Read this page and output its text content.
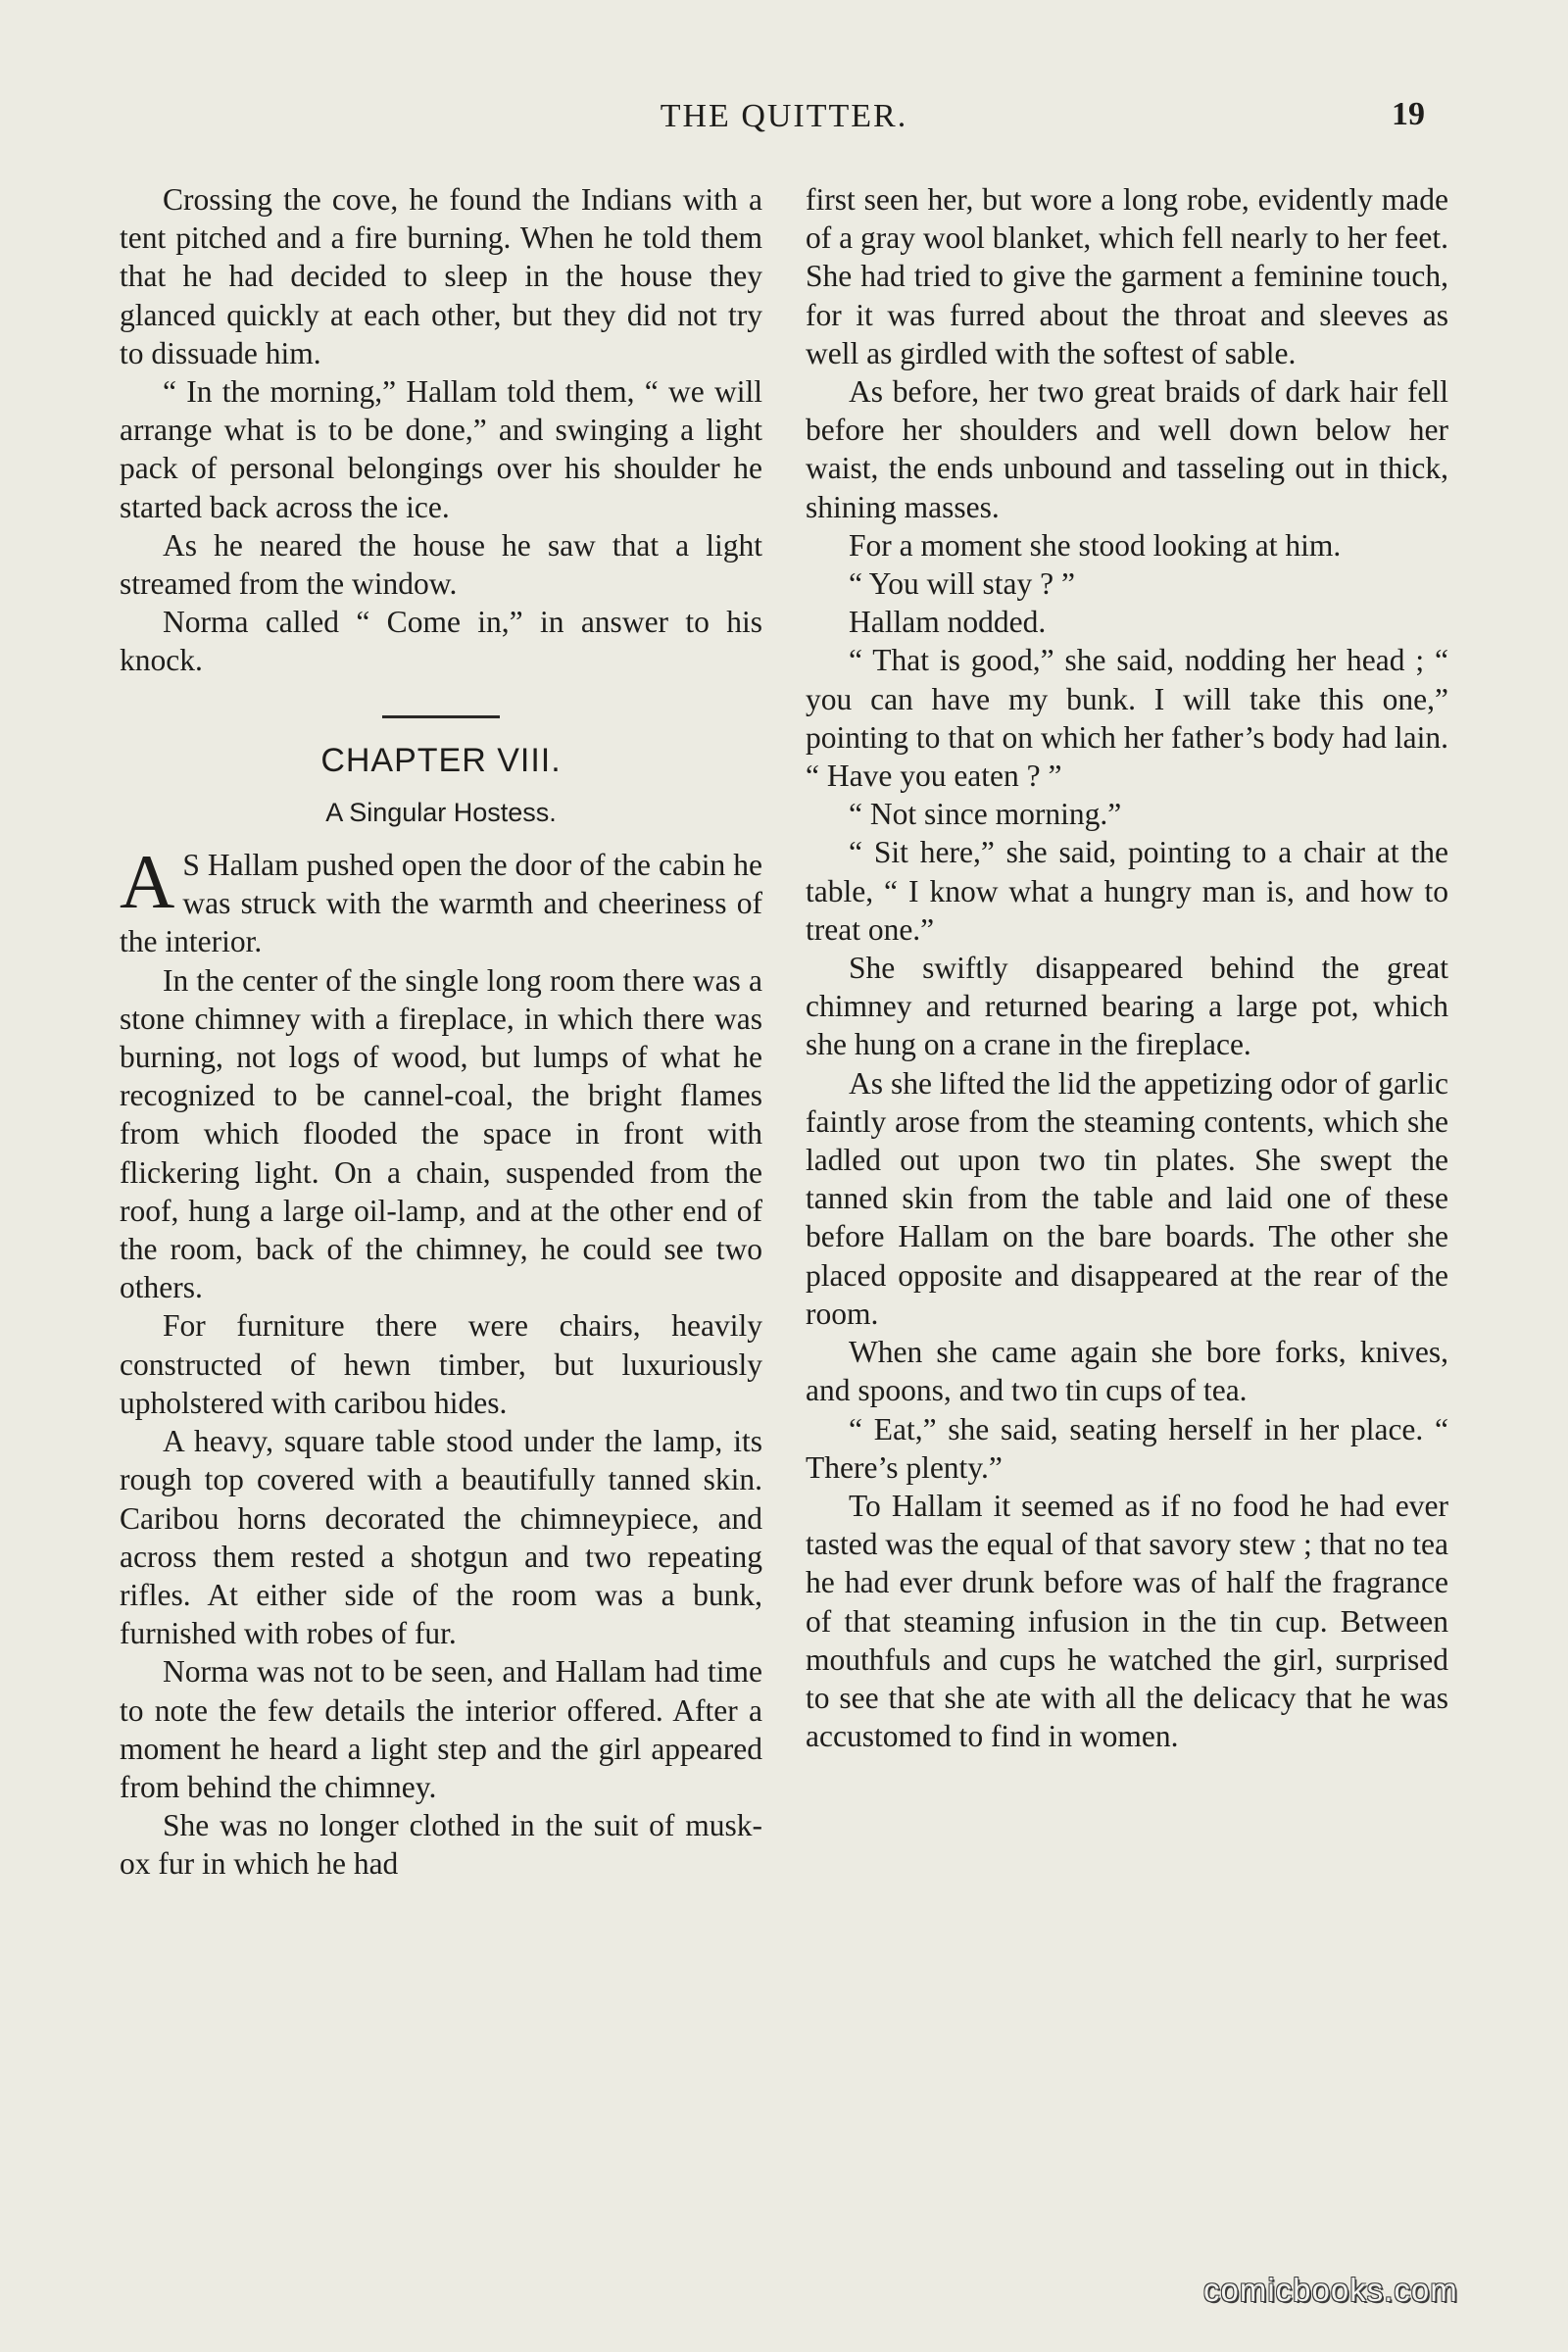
THE QUITTER.	19

Crossing the cove, he found the Indians with a tent pitched and a fire burning. When he told them that he had decided to sleep in the house they glanced quickly at each other, but they did not try to dissuade him.

“ In the morning,” Hallam told them, “ we will arrange what is to be done,” and swinging a light pack of personal belongings over his shoulder he started back across the ice.

As he neared the house he saw that a light streamed from the window.

Norma called “ Come in,” in answer to his knock.

CHAPTER VIII.
A Singular Hostess.

A S Hallam pushed open the door of the cabin he was struck with the warmth and cheeriness of the interior.

In the center of the single long room there was a stone chimney with a fireplace, in which there was burning, not logs of wood, but lumps of what he recognized to be cannel-coal, the bright flames from which flooded the space in front with flickering light. On a chain, suspended from the roof, hung a large oil-lamp, and at the other end of the room, back of the chimney, he could see two others.

For furniture there were chairs, heavily constructed of hewn timber, but luxuriously upholstered with caribou hides.

A heavy, square table stood under the lamp, its rough top covered with a beautifully tanned skin. Caribou horns decorated the chimneypiece, and across them rested a shotgun and two repeating rifles. At either side of the room was a bunk, furnished with robes of fur.

Norma was not to be seen, and Hallam had time to note the few details the interior offered. After a moment he heard a light step and the girl appeared from behind the chimney.

She was no longer clothed in the suit of musk-ox fur in which he had

first seen her, but wore a long robe, evidently made of a gray wool blanket, which fell nearly to her feet. She had tried to give the garment a feminine touch, for it was furred about the throat and sleeves as well as girdled with the softest of sable.

As before, her two great braids of dark hair fell before her shoulders and well down below her waist, the ends unbound and tasseling out in thick, shining masses.

For a moment she stood looking at him.

“ You will stay ? ”

Hallam nodded.

“ That is good,” she said, nodding her head ; “ you can have my bunk. I will take this one,” pointing to that on which her father’s body had lain. “ Have you eaten ? ”

“ Not since morning.”

“ Sit here,” she said, pointing to a chair at the table, “ I know what a hungry man is, and how to treat one.”

She swiftly disappeared behind the great chimney and returned bearing a large pot, which she hung on a crane in the fireplace.

As she lifted the lid the appetizing odor of garlic faintly arose from the steaming contents, which she ladled out upon two tin plates. She swept the tanned skin from the table and laid one of these before Hallam on the bare boards. The other she placed opposite and disappeared at the rear of the room.

When she came again she bore forks, knives, and spoons, and two tin cups of tea.

“ Eat,” she said, seating herself in her place. “ There’s plenty.”

To Hallam it seemed as if no food he had ever tasted was the equal of that savory stew ; that no tea he had ever drunk before was of half the fragrance of that steaming infusion in the tin cup. Between mouthfuls and cups he watched the girl, surprised to see that she ate with all the delicacy that he was accustomed to find in women.

comicbooks.com
